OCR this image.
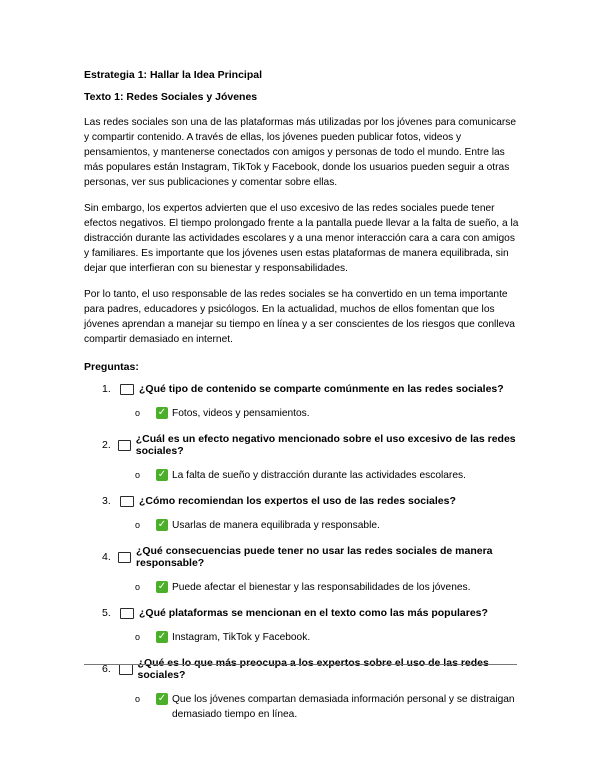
Estrategia 1: Hallar la Idea Principal
Texto 1: Redes Sociales y Jóvenes

Las redes sociales son una de las plataformas más utilizadas por los jóvenes para comunicarse y compartir contenido. A través de ellas, los jóvenes pueden publicar fotos, videos y pensamientos, y mantenerse conectados con amigos y personas de todo el mundo. Entre las más populares están Instagram, TikTok y Facebook, donde los usuarios pueden seguir a otras personas, ver sus publicaciones y comentar sobre ellas.

Sin embargo, los expertos advierten que el uso excesivo de las redes sociales puede tener efectos negativos. El tiempo prolongado frente a la pantalla puede llevar a la falta de sueño, a la distracción durante las actividades escolares y a una menor interacción cara a cara con amigos y familiares. Es importante que los jóvenes usen estas plataformas de manera equilibrada, sin dejar que interfieran con su bienestar y responsabilidades.

Por lo tanto, el uso responsable de las redes sociales se ha convertido en un tema importante para padres, educadores y psicólogos. En la actualidad, muchos de ellos fomentan que los jóvenes aprendan a manejar su tiempo en línea y a ser conscientes de los riesgos que conlleva compartir demasiado en internet.

Preguntas:
1.	¿Qué tipo de contenido se comparte comúnmente en las redes sociales?
o	✓ Fotos, videos y pensamientos.
2.	¿Cuál es un efecto negativo mencionado sobre el uso excesivo de las redes sociales?
o	✓ La falta de sueño y distracción durante las actividades escolares.
3.	¿Cómo recomiendan los expertos el uso de las redes sociales?
o	✓ Usarlas de manera equilibrada y responsable.
4.	¿Qué consecuencias puede tener no usar las redes sociales de manera responsable?
o	✓ Puede afectar el bienestar y las responsabilidades de los jóvenes.
5.	¿Qué plataformas se mencionan en el texto como las más populares?
o	✓ Instagram, TikTok y Facebook.
6.	¿Qué es lo que más preocupa a los expertos sobre el uso de las redes sociales?
o	✓ Que los jóvenes compartan demasiada información personal y se distraigan demasiado tiempo en línea.
